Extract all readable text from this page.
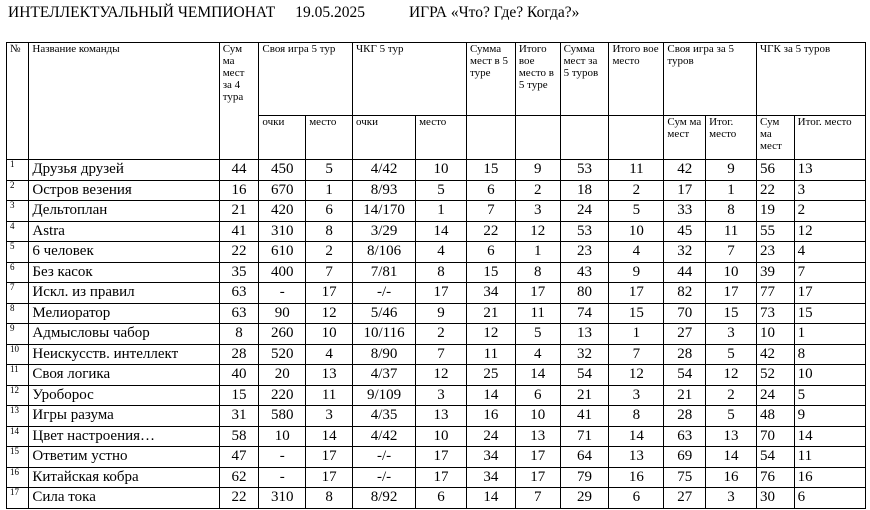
ИНТЕЛЛЕКТУАЛЬНЫЙ ЧЕМПИОНАТ 19.05.2025	ИГРА «Что? Где? Когда?»
№	Название команды	Сум ма мест за 4 тура	Своя игра 5 тур		ЧКГ 5 тур		Сумма мест в 5 туре	Итого вое место в 5 туре	Сумма мест за 5 туров	Итого вое место	Своя игра за 5 туров		ЧГК за 5 туров	
			очки	место	очки	место					Сум ма мест	Итог. место	Сум ма мест	Итог. место
1	Друзья друзей	44	450	5	4/42	10	15	9	53	11	42	9	56	13
2	Остров везения	16	670	1	8/93	5	6	2	18	2	17	1	22	3
3	Дельтоплан	21	420	6	14/170	1	7	3	24	5	33	8	19	2
4	Astra	41	310	8	3/29	14	22	12	53	10	45	11	55	12
5	6 человек	22	610	2	8/106	4	6	1	23	4	32	7	23	4
6	Без касок	35	400	7	7/81	8	15	8	43	9	44	10	39	7
7	Искл. из правил	63	-	17	-/-	17	34	17	80	17	82	17	77	17
8	Мелиоратор	63	90	12	5/46	9	21	11	74	15	70	15	73	15
9	Адмысловы чабор	8	260	10	10/116	2	12	5	13	1	27	3	10	1
10	Неискусств. интеллект	28	520	4	8/90	7	11	4	32	7	28	5	42	8
11	Своя логика	40	20	13	4/37	12	25	14	54	12	54	12	52	10
12	Уроборос	15	220	11	9/109	3	14	6	21	3	21	2	24	5
13	Игры разума	31	580	3	4/35	13	16	10	41	8	28	5	48	9
14	Цвет настроения…	58	10	14	4/42	10	24	13	71	14	63	13	70	14
15	Ответим устно	47	-	17	-/-	17	34	17	64	13	69	14	54	11
16	Китайская кобра	62	-	17	-/-	17	34	17	79	16	75	16	76	16
17	Сила тока	22	310	8	8/92	6	14	7	29	6	27	3	30	6
